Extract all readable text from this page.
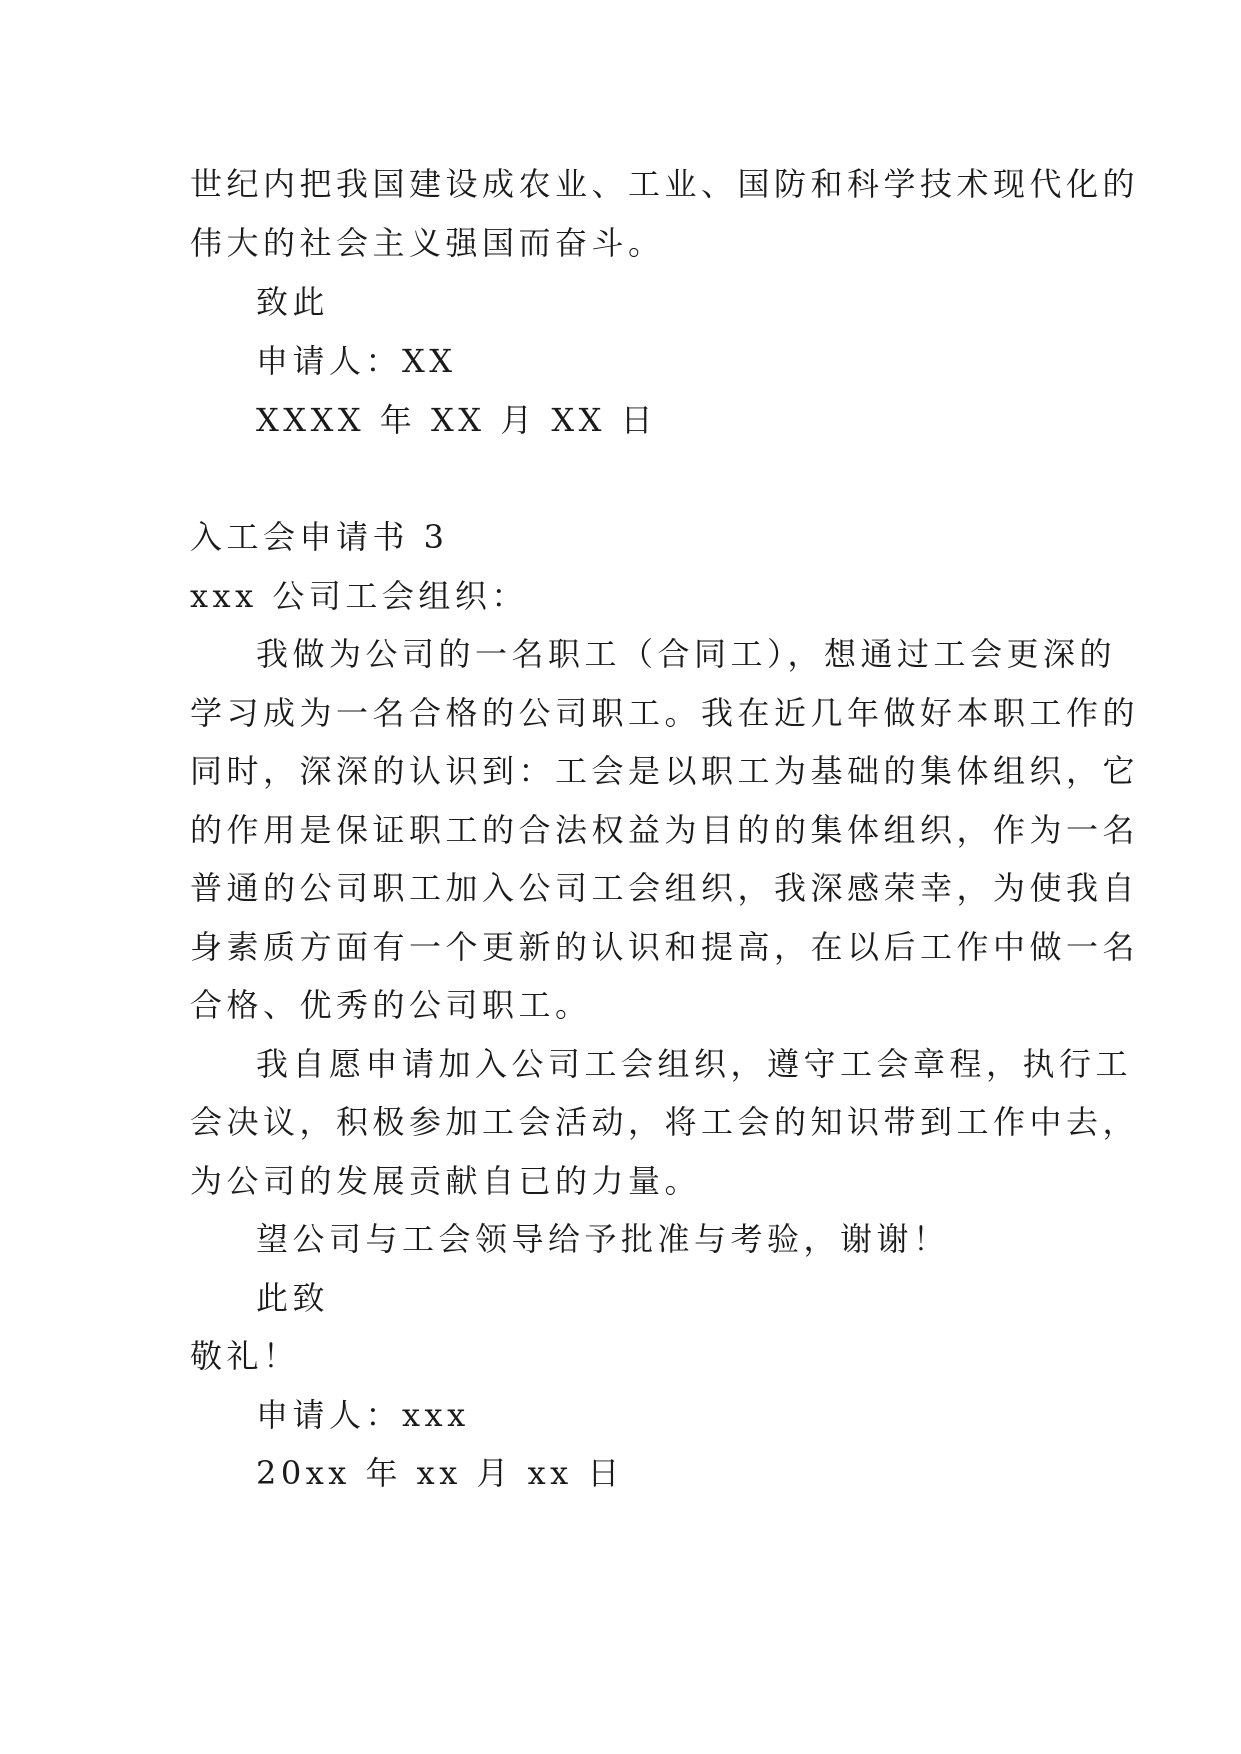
世纪内把我国建设成农业、工业、国防和科学技术现代化的
伟大的社会主义强国而奋斗。
致此
申请人：XX
XXXX 年 XX 月 XX 日
入工会申请书 3
xxx 公司工会组织：
我做为公司的一名职工（合同工），想通过工会更深的
学习成为一名合格的公司职工。我在近几年做好本职工作的
同时，深深的认识到：工会是以职工为基础的集体组织，它
的作用是保证职工的合法权益为目的的集体组织，作为一名
普通的公司职工加入公司工会组织，我深感荣幸，为使我自
身素质方面有一个更新的认识和提高，在以后工作中做一名
合格、优秀的公司职工。
我自愿申请加入公司工会组织，遵守工会章程，执行工
会决议，积极参加工会活动，将工会的知识带到工作中去，
为公司的发展贡献自已的力量。
望公司与工会领导给予批准与考验，谢谢！
此致
敬礼！
申请人：xxx
20xx 年 xx 月 xx 日
